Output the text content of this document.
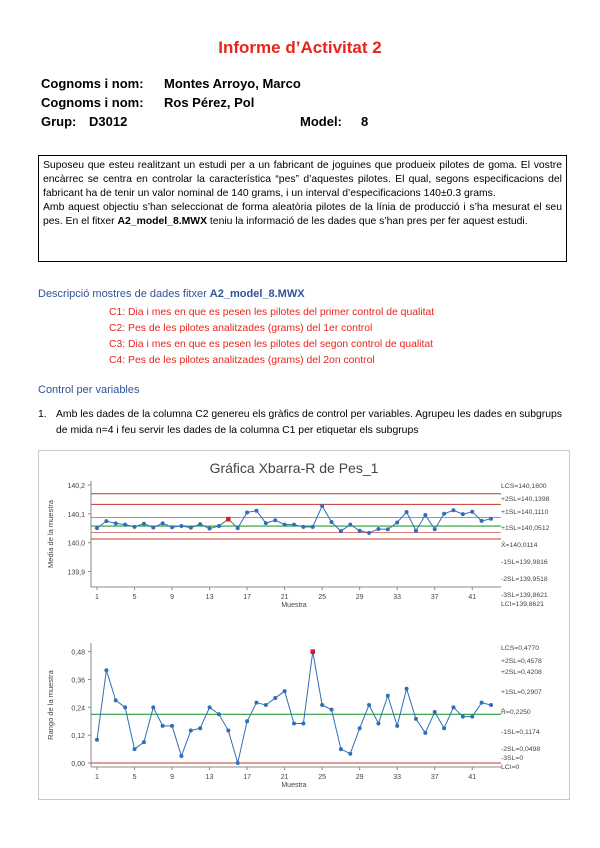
Informe d’Activitat 2
Cognoms i nom: Montes Arroyo, Marco
Cognoms i nom: Ros Pérez, Pol
Grup: D3012	Model: 8

Suposeu que esteu realitzant un estudi per a un fabricant de joguines que produeix pilotes de goma. El vostre encàrrec se centra en controlar la característica “pes” d’aquestes pilotes. El qual, segons especificacions del fabricant ha de tenir un valor nominal de 140 grams, i un interval d’especificacions 140±0.3 grams.

Amb aquest objectiu s’han seleccionat de forma aleatòria pilotes de la línia de producció i s’ha mesurat el seu pes. En el fitxer A2_model_8.MWX teniu la informació de les dades que s’han pres per fer aquest estudi.

Descripció mostres de dades fitxer A2_model_8.MWX
C1: Dia i mes en que es pesen les pilotes del primer control de qualitat
C2: Pes de les pilotes analitzades (grams) del 1er control
C3: Dia i mes en que es pesen les pilotes del segon control de qualitat
C4: Pes de les pilotes analitzades (grams) del 2on control
Control per variables
1. Amb les dades de la columna C2 genereu els gràfics de control per variables. Agrupeu les dades en subgrups de mida n=4 i feu servir les dades de la columna C1 per etiquetar els subgrups
Gráfica Xbarra-R de Pes_1
140,2
140,1
140,0
139,9
Media de la muestra
1	5	9	13	17	21	25	29	33	37	41
Muestra
0,48
0,36
0,24
0,12
0,00
Rango de la muestra
1	5	9	13	17	21	25	29	33	37	41
Muestra
LCS=140,1600
+2SL=140,1398
+1SL=140,1110
+1SL=140,0512
X̄=140,0114
-1SL=139,9816
-2SL=139,9518
-3SL=139,8621
LCI=139,8621
LCS=0,4770
+2SL=0,4578
+2SL=0,4208
+1SL=0,2907
R̄=0,2250
-1SL=0,1174
-2SL=0,0498
-3SL=0
LCI=0
